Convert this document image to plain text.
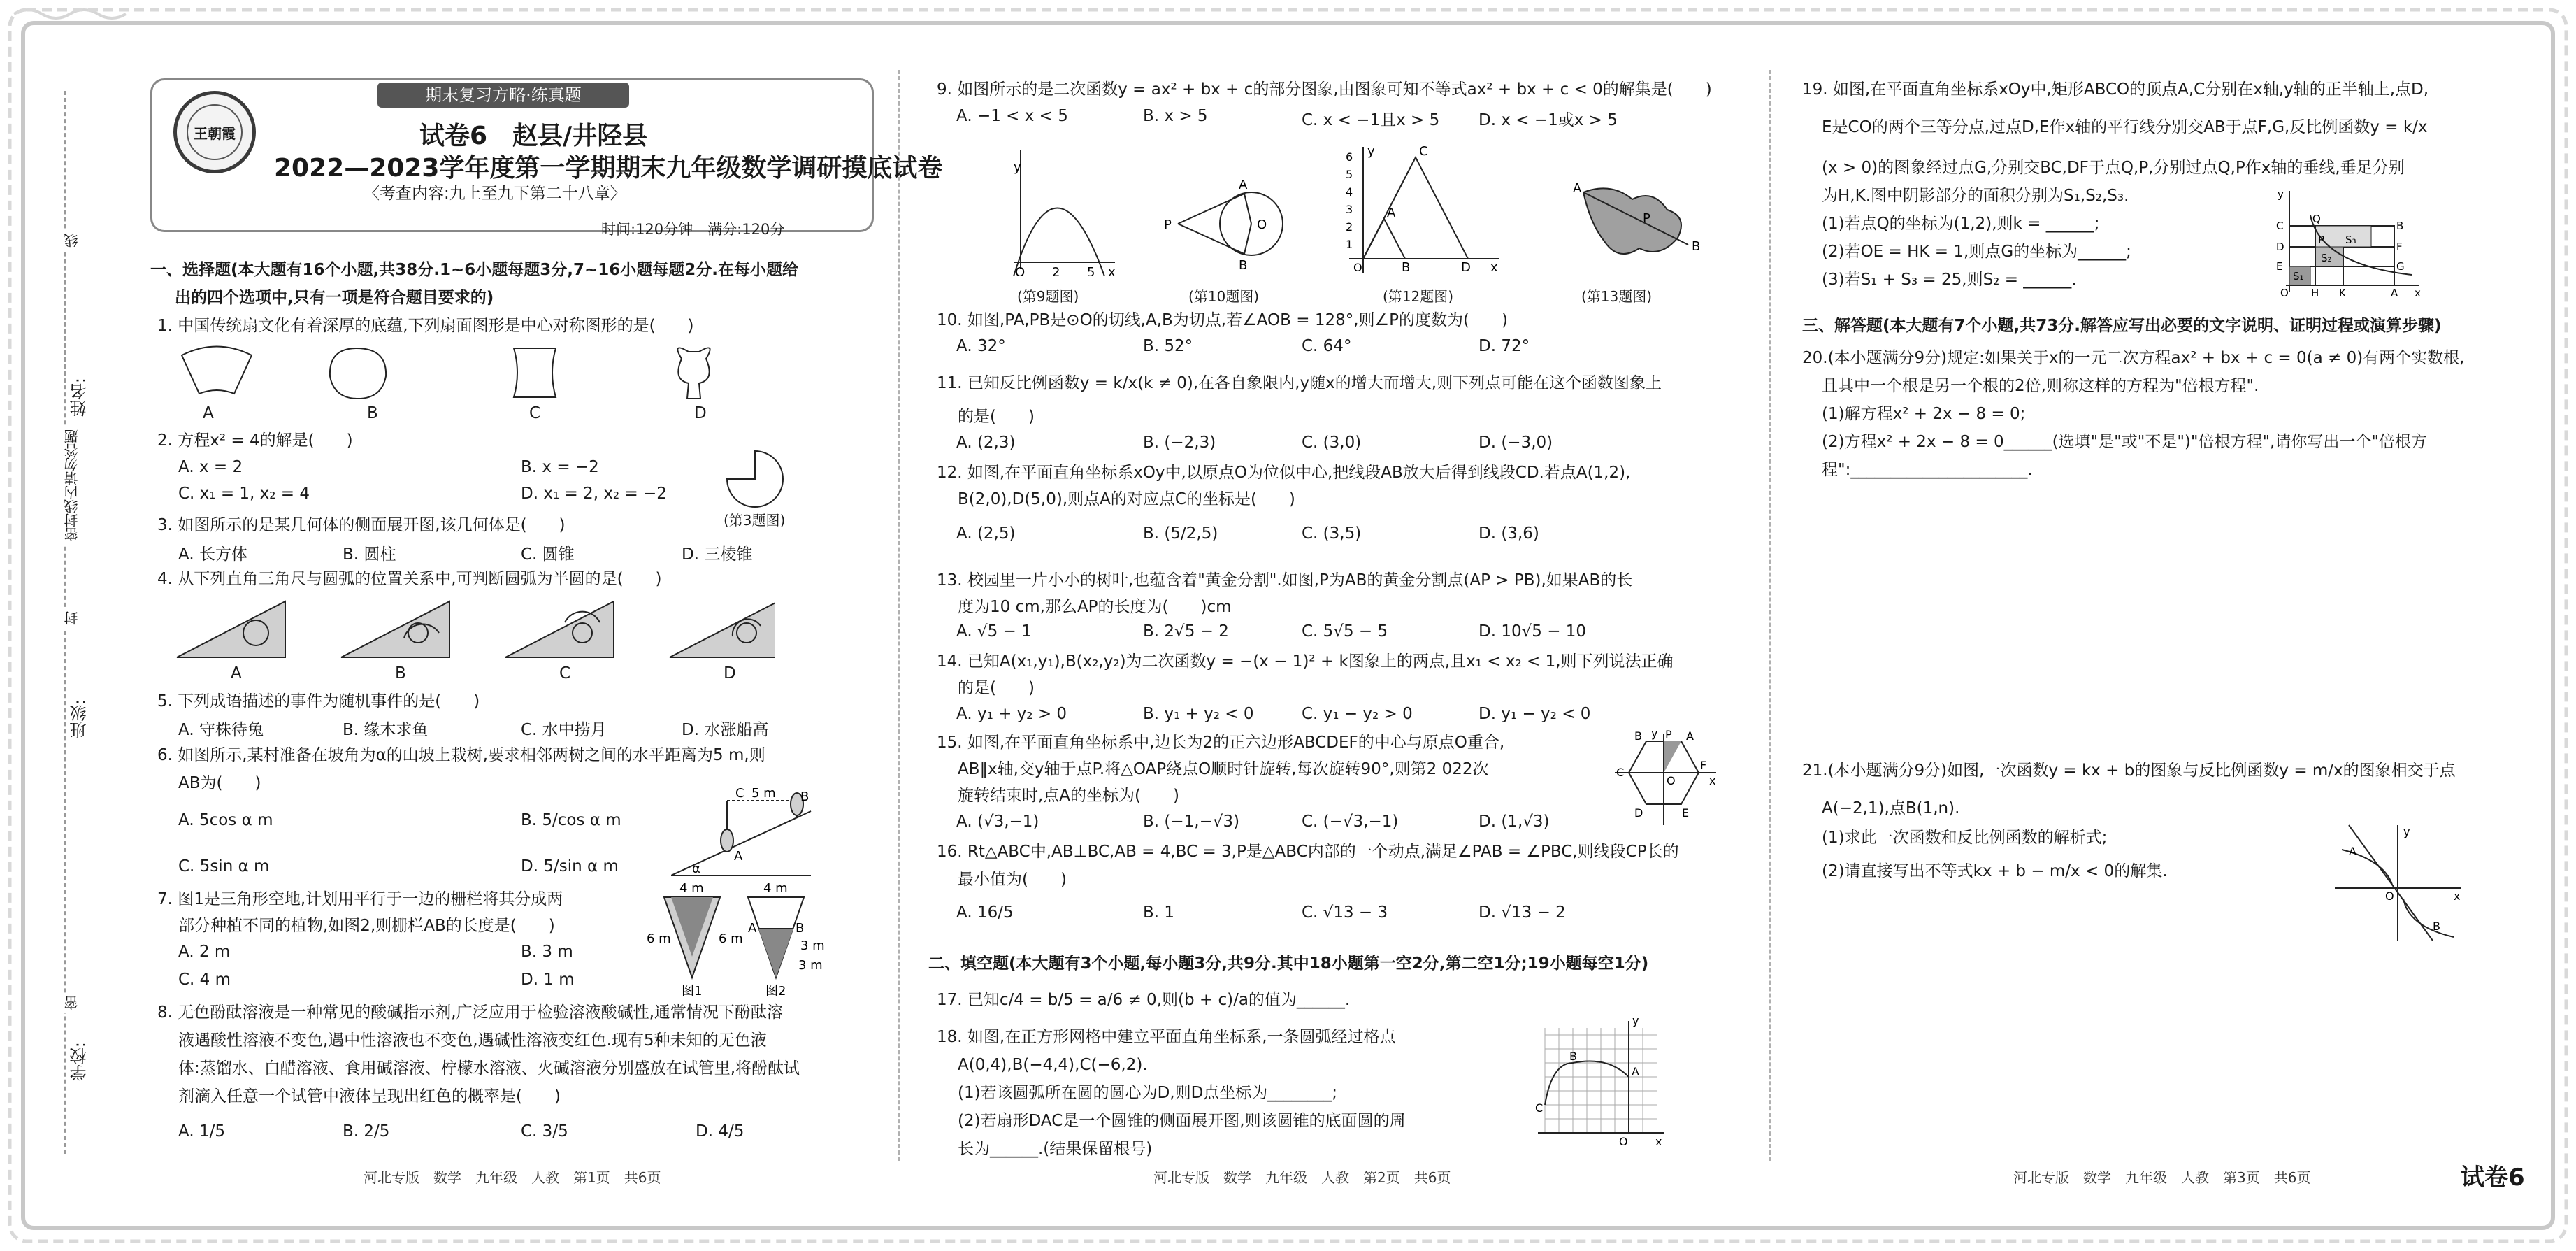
姓名:
班级:
学校:
线
密封线内请勿答题
封
密
期末复习方略·练真题
王朝霞	试卷6　赵县/井陉县
2022—2023学年度第一学期期末九年级数学调研摸底试卷
〈考查内容:九上至九下第二十八章〉
时间:120分钟　满分:120分
一、选择题(本大题有16个小题,共38分.1~6小题每题3分,7~16小题每题2分.在每小题给
出的四个选项中,只有一项是符合题目要求的)
1. 中国传统扇文化有着深厚的底蕴,下列扇面图形是中心对称图形的是(　　)
A	B	C	D
2. 方程x² = 4的解是(　　)
A. x = 2	B. x = −2
C. x₁ = 1, x₂ = 4	D. x₁ = 2, x₂ = −2
(第3题图)
3. 如图所示的是某几何体的侧面展开图,该几何体是(　　)
A. 长方体	B. 圆柱	C. 圆锥	D. 三棱锥
4. 从下列直角三角尺与圆弧的位置关系中,可判断圆弧为半圆的是(　　)
A	B	C	D
5. 下列成语描述的事件为随机事件的是(　　)
A. 守株待兔	B. 缘木求鱼	C. 水中捞月	D. 水涨船高
6. 如图所示,某村准备在坡角为α的山坡上栽树,要求相邻两树之间的水平距离为5 m,则
AB为(　　)
A. 5cos α m	B. 5/cos α m
C. 5sin α m	D. 5/sin α m
C 5 m B
A
α
7. 图1是三角形空地,计划用平行于一边的栅栏将其分成两
部分种植不同的植物,如图2,则栅栏AB的长度是(　　)
A. 2 m	B. 3 m
C. 4 m	D. 1 m
4 m
6 m	6 m
图1
4 m
A	B
3 m
3 m
图2
8. 无色酚酞溶液是一种常见的酸碱指示剂,广泛应用于检验溶液酸碱性,通常情况下酚酞溶
液遇酸性溶液不变色,遇中性溶液也不变色,遇碱性溶液变红色.现有5种未知的无色液
体:蒸馏水、白醋溶液、食用碱溶液、柠檬水溶液、火碱溶液分别盛放在试管里,将酚酞试
剂滴入任意一个试管中液体呈现出红色的概率是(　　)
A. 1/5	B. 2/5	C. 3/5	D. 4/5
河北专版　数学　九年级　人教　第1页　共6页
9. 如图所示的是二次函数y = ax² + bx + c的部分图象,由图象可知不等式ax² + bx + c < 0的解集是(　　)
A. −1 < x < 5	B. x > 5	C. x < −1且x > 5 D. x < −1或x > 5
y
O 2 5 x
P
A
O
B
y
6
5
4
3
2
1
C
A
D
B
O	x
A
P
B
(第9题图)	(第10题图)	(第12题图)	(第13题图)
10. 如图,PA,PB是⊙O的切线,A,B为切点,若∠AOB = 128°,则∠P的度数为(　　)
A. 32°	B. 52°	C. 64°	D. 72°
11. 已知反比例函数y = k/x(k ≠ 0),在各自象限内,y随x的增大而增大,则下列点可能在这个函数图象上
的是(　　)
A. (2,3)	B. (−2,3)	C. (3,0)	D. (−3,0)
12. 如图,在平面直角坐标系xOy中,以原点O为位似中心,把线段AB放大后得到线段CD.若点A(1,2),
B(2,0),D(5,0),则点A的对应点C的坐标是(　　)
A. (2,5)	B. (5/2,5)	C. (3,5)	D. (3,6)
13. 校园里一片小小的树叶,也蕴含着"黄金分割".如图,P为AB的黄金分割点(AP > PB),如果AB的长
度为10 cm,那么AP的长度为(　　)cm
A. √5 − 1	B. 2√5 − 2	C. 5√5 − 5	D. 10√5 − 10
14. 已知A(x₁,y₁),B(x₂,y₂)为二次函数y = −(x − 1)² + k图象上的两点,且x₁ < x₂ < 1,则下列说法正确
的是(　　)
A. y₁ + y₂ > 0	B. y₁ + y₂ < 0	C. y₁ − y₂ > 0	D. y₁ − y₂ < 0
15. 如图,在平面直角坐标系中,边长为2的正六边形ABCDEF的中心与原点O重合,
AB∥x轴,交y轴于点P.将△OAP绕点O顺时针旋转,每次旋转90°,则第2 022次
旋转结束时,点A的坐标为(　　)
A. (√3,−1)	B. (−1,−√3)	C. (−√3,−1)	D. (1,√3)
B y P A
C
F
D
O
E
x
16. Rt△ABC中,AB⊥BC,AB = 4,BC = 3,P是△ABC内部的一个动点,满足∠PAB = ∠PBC,则线段CP长的
最小值为(　　)
A. 16/5	B. 1	C. √13 − 3	D. √13 − 2
二、填空题(本大题有3个小题,每小题3分,共9分.其中18小题第一空2分,第二空1分;19小题每空1分)
17. 已知c/4 = b/5 = a/6 ≠ 0,则(b + c)/a的值为______.
18. 如图,在正方形网格中建立平面直角坐标系,一条圆弧经过格点
A(0,4),B(−4,4),C(−6,2).
(1)若该圆弧所在圆的圆心为D,则D点坐标为________;
(2)若扇形DAC是一个圆锥的侧面展开图,则该圆锥的底面圆的周
长为______.(结果保留根号)
y
B
A
C
O x
河北专版　数学　九年级　人教　第2页　共6页
19. 如图,在平面直角坐标系xOy中,矩形ABCO的顶点A,C分别在x轴,y轴的正半轴上,点D,
E是CO的两个三等分点,过点D,E作x轴的平行线分别交AB于点F,G,反比例函数y = k/x
(x > 0)的图象经过点G,分别交BC,DF于点Q,P,分别过点Q,P作x轴的垂线,垂足分别
为H,K.图中阴影部分的面积分别为S₁,S₂,S₃.
(1)若点Q的坐标为(1,2),则k = ______;
(2)若OE = HK = 1,则点G的坐标为______;
(3)若S₁ + S₃ = 25,则S₂ = ______.
y
C
Q
B
P S₃
D	F
E
S₂
G
S₁
O H K	A x
三、解答题(本大题有7个小题,共73分.解答应写出必要的文字说明、证明过程或演算步骤)
20.(本小题满分9分)规定:如果关于x的一元二次方程ax² + bx + c = 0(a ≠ 0)有两个实数根,
且其中一个根是另一个根的2倍,则称这样的方程为"倍根方程".
(1)解方程x² + 2x − 8 = 0;
(2)方程x² + 2x − 8 = 0______(选填"是"或"不是")"倍根方程",请你写出一个"倍根方
程":______________________.
21.(本小题满分9分)如图,一次函数y = kx + b的图象与反比例函数y = m/x的图象相交于点
A(−2,1),点B(1,n).
(1)求此一次函数和反比例函数的解析式;
(2)请直接写出不等式kx + b − m/x < 0的解集.
y
A
O	x
B
河北专版　数学　九年级　人教　第3页　共6页	试卷6
